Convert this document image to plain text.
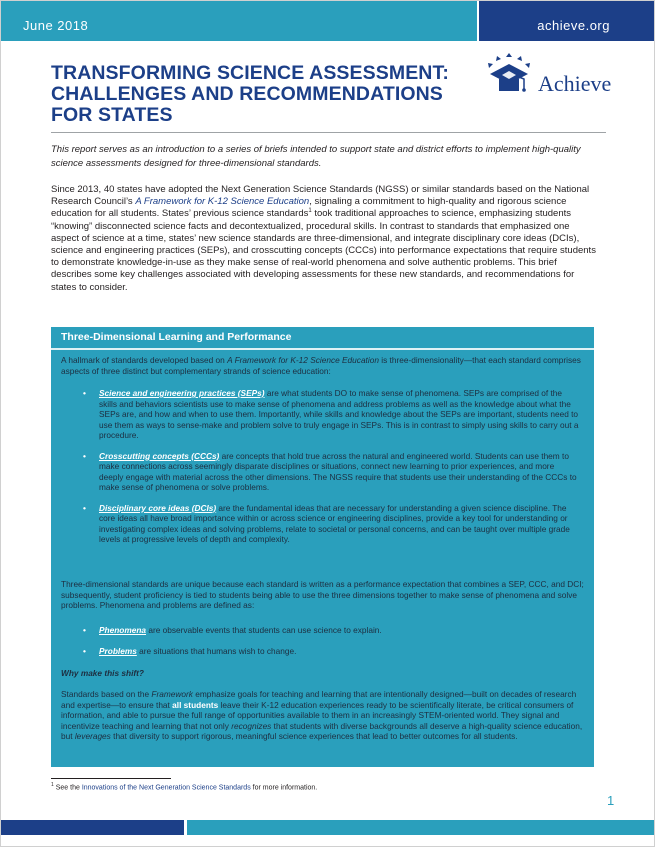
June 2018	achieve.org
TRANSFORMING SCIENCE ASSESSMENT: CHALLENGES AND RECOMMENDATIONS FOR STATES
Achieve

This report serves as an introduction to a series of briefs intended to support state and district efforts to implement high-quality science assessments designed for three-dimensional standards.

Since 2013, 40 states have adopted the Next Generation Science Standards (NGSS) or similar standards based on the National Research Council’s A Framework for K-12 Science Education, signaling a commitment to high-quality and rigorous science education for all students. States’ previous science standards$^1$ took traditional approaches to science, emphasizing students “knowing” disconnected science facts and decontextualized, procedural skills. In contrast to standards that emphasized one aspect of science at a time, states’ new science standards are three-dimensional, and integrate disciplinary core ideas (DCIs), science and engineering practices (SEPs), and crosscutting concepts (CCCs) into performance expectations that require students to demonstrate knowledge-in-use as they make sense of real-world phenomena and solve authentic problems. This brief describes some key challenges associated with developing assessments for these new standards, and recommendations for states to consider.

Three-Dimensional Learning and Performance

A hallmark of standards developed based on A Framework for K-12 Science Education is three-dimensionality—that each standard comprises aspects of three distinct but complementary strands of science education:

• Science and engineering practices (SEPs) are what students DO to make sense of phenomena. SEPs are comprised of the skills and behaviors scientists use to make sense of phenomena and address problems as well as the knowledge about what the SEPs are, and how and when to use them. Importantly, while skills and knowledge about the SEPs are important, students need to use them as ways to sense-make and problem solve to truly engage in SEPs. This is in contrast to simply using skills to carry out a procedure.
• Crosscutting concepts (CCCs) are concepts that hold true across the natural and engineered world. Students can use them to make connections across seemingly disparate disciplines or situations, connect new learning to prior experiences, and more deeply engage with material across the other dimensions. The NGSS require that students use their understanding of the CCCs to make sense of phenomena or solve problems.
• Disciplinary core ideas (DCIs) are the fundamental ideas that are necessary for understanding a given science discipline. The core ideas all have broad importance within or across science or engineering disciplines, provide a key tool for understanding or investigating complex ideas and solving problems, relate to societal or personal concerns, and can be taught over multiple grade levels at progressive levels of depth and complexity.

Three-dimensional standards are unique because each standard is written as a performance expectation that combines a SEP, CCC, and DCI; subsequently, student proficiency is tied to students being able to use the three dimensions together to make sense of phenomena and solve problems. Phenomena and problems are defined as:

• Phenomena are observable events that students can use science to explain.
• Problems are situations that humans wish to change.

Why make this shift?

Standards based on the Framework emphasize goals for teaching and learning that are intentionally designed—built on decades of research and expertise—to ensure that all students leave their K-12 education experiences ready to be scientifically literate, be critical consumers of information, and able to pursue the full range of opportunities available to them in an increasingly STEM-oriented world. They signal and incentivize teaching and learning that not only recognizes that students with diverse backgrounds all deserve a high-quality science education, but leverages that diversity to support rigorous, meaningful science experiences that lead to better outcomes for all students.

$^1$ See the Innovations of the Next Generation Science Standards for more information.

1
